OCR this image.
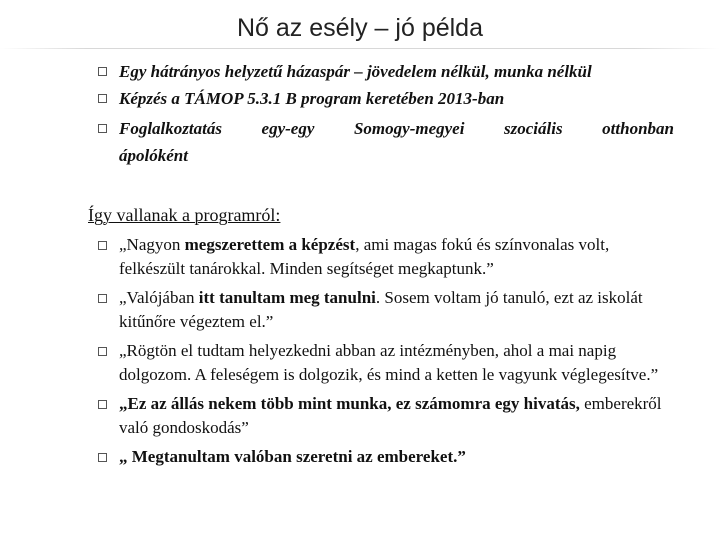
Nő az esély – jó példa
Egy hátrányos helyzetű házaspár – jövedelem nélkül, munka nélkül
Képzés a TÁMOP 5.3.1 B program keretében 2013-ban
Foglalkoztatás egy-egy Somogy-megyei szociális otthonban
ápolóként
Így vallanak a programról:
„Nagyon megszerettem a képzést, ami magas fokú és színvonalas volt, felkészült tanárokkal. Minden segítséget megkaptunk.”
„Valójában itt tanultam meg tanulni. Sosem voltam jó tanuló, ezt az iskolát kitűnőre végeztem el.”
„Rögtön el tudtam helyezkedni abban az intézményben, ahol a mai napig dolgozom. A feleségem is dolgozik, és mind a ketten le vagyunk véglegesítve.”
„Ez az állás nekem több mint munka, ez számomra egy hivatás, emberekről való gondoskodás”
„ Megtanultam valóban szeretni az embereket.”
